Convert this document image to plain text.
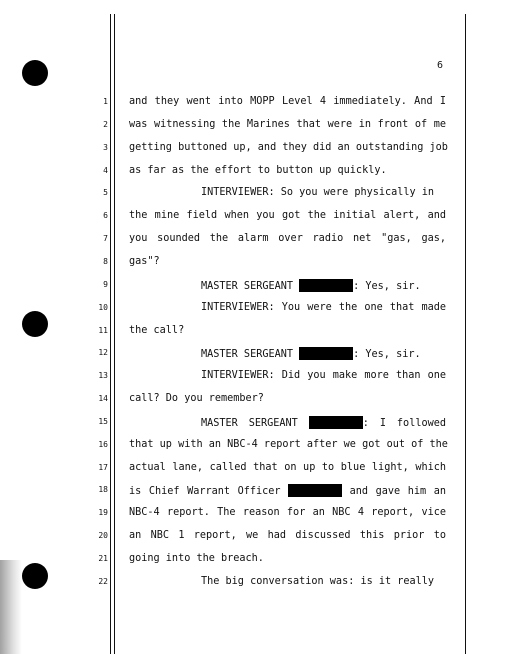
6
1 and they went into MOPP Level 4 immediately. And I
2 was witnessing the Marines that were in front of me
3 getting buttoned up, and they did an outstanding job
4 as far as the effort to button up quickly.
5	INTERVIEWER: So you were physically in
6 the mine field when you got the initial alert, and
7 you sounded the alarm over radio net "gas, gas,
8 gas"?
9	MASTER SERGEANT	: Yes, sir.
10	INTERVIEWER: You were the one that made
11 the call?
12	MASTER SERGEANT	: Yes, sir.
13	INTERVIEWER: Did you make more than one
14 call? Do you remember?
15	MASTER SERGEANT	: I followed
16 that up with an NBC-4 report after we got out of the
17 actual lane, called that on up to blue light, which
18 is Chief Warrant Officer	and gave him an
19 NBC-4 report. The reason for an NBC 4 report, vice
20 an NBC 1 report, we had discussed this prior to
21 going into the breach.
22	The big conversation was: is it really
